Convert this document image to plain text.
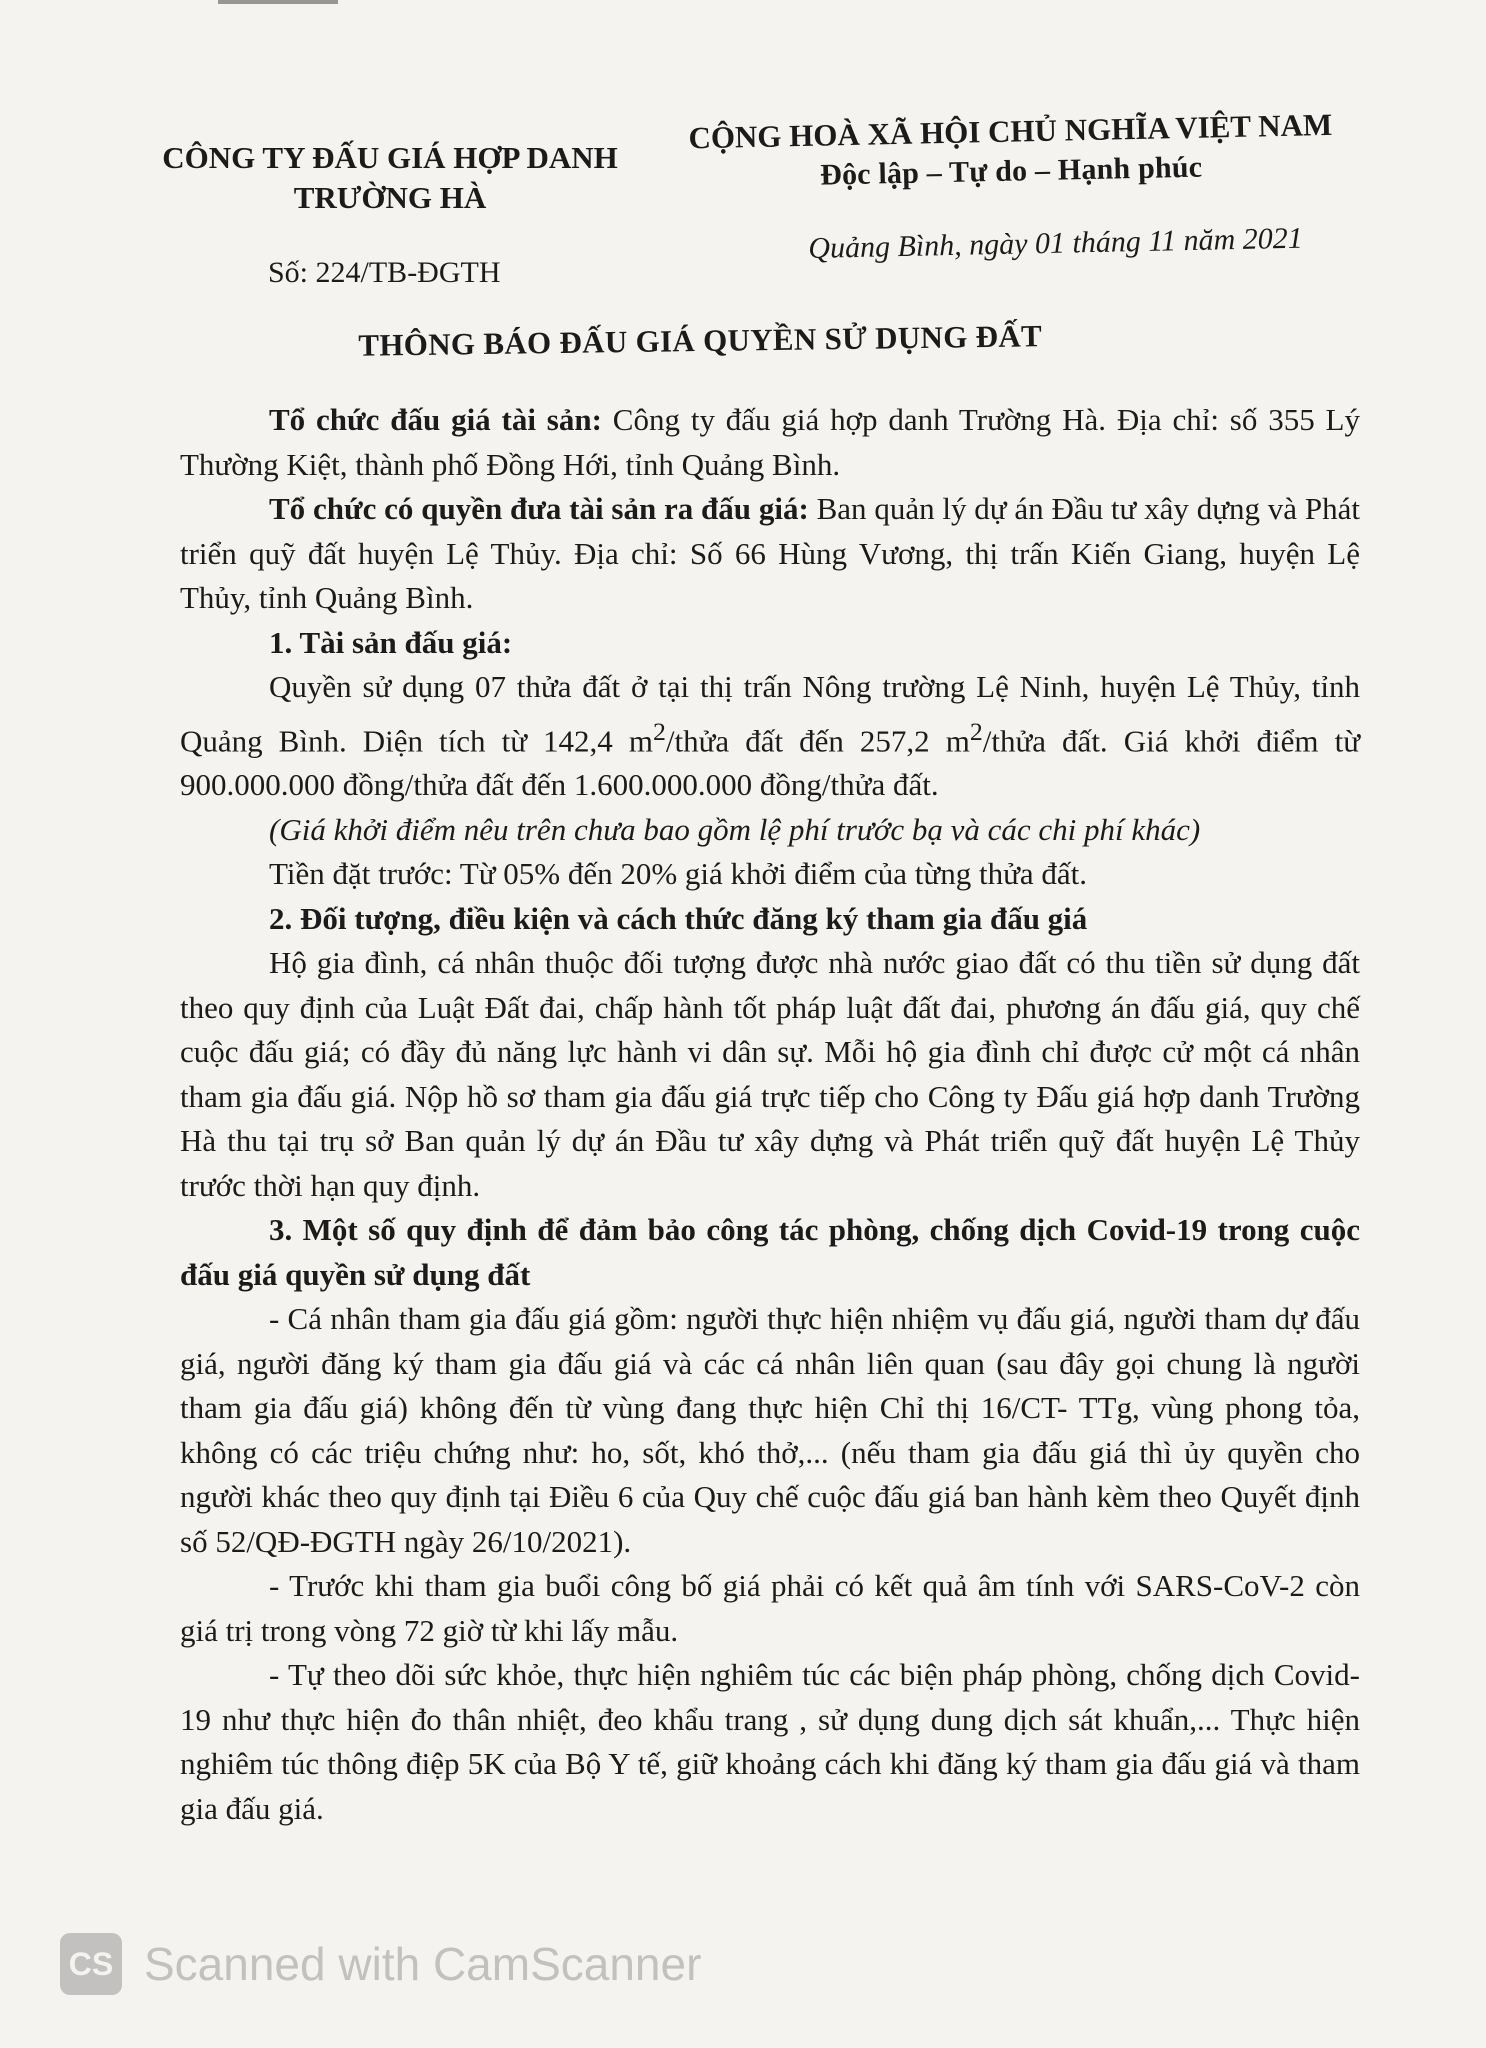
CÔNG TY ĐẤU GIÁ HỢP DANH
TRƯỜNG HÀ
CỘNG HOÀ XÃ HỘI CHỦ NGHĨA VIỆT NAM
Độc lập – Tự do – Hạnh phúc
Số: 224/TB-ĐGTH
Quảng Bình, ngày 01 tháng 11 năm 2021
THÔNG BÁO ĐẤU GIÁ QUYỀN SỬ DỤNG ĐẤT

Tổ chức đấu giá tài sản: Công ty đấu giá hợp danh Trường Hà. Địa chỉ: số 355 Lý Thường Kiệt, thành phố Đồng Hới, tỉnh Quảng Bình.

Tổ chức có quyền đưa tài sản ra đấu giá: Ban quản lý dự án Đầu tư xây dựng và Phát triển quỹ đất huyện Lệ Thủy. Địa chỉ: Số 66 Hùng Vương, thị trấn Kiến Giang, huyện Lệ Thủy, tỉnh Quảng Bình.

1. Tài sản đấu giá:

Quyền sử dụng 07 thửa đất ở tại thị trấn Nông trường Lệ Ninh, huyện Lệ Thủy, tỉnh Quảng Bình. Diện tích từ 142,4 $m^2$/thửa đất đến 257,2 $m^2$/thửa đất. Giá khởi điểm từ 900.000.000 đồng/thửa đất đến 1.600.000.000 đồng/thửa đất.

(Giá khởi điểm nêu trên chưa bao gồm lệ phí trước bạ và các chi phí khác)

Tiền đặt trước: Từ 05% đến 20% giá khởi điểm của từng thửa đất.

2. Đối tượng, điều kiện và cách thức đăng ký tham gia đấu giá

Hộ gia đình, cá nhân thuộc đối tượng được nhà nước giao đất có thu tiền sử dụng đất theo quy định của Luật Đất đai, chấp hành tốt pháp luật đất đai, phương án đấu giá, quy chế cuộc đấu giá; có đầy đủ năng lực hành vi dân sự. Mỗi hộ gia đình chỉ được cử một cá nhân tham gia đấu giá. Nộp hồ sơ tham gia đấu giá trực tiếp cho Công ty Đấu giá hợp danh Trường Hà thu tại trụ sở Ban quản lý dự án Đầu tư xây dựng và Phát triển quỹ đất huyện Lệ Thủy trước thời hạn quy định.

3. Một số quy định để đảm bảo công tác phòng, chống dịch Covid-19 trong cuộc đấu giá quyền sử dụng đất

- Cá nhân tham gia đấu giá gồm: người thực hiện nhiệm vụ đấu giá, người tham dự đấu giá, người đăng ký tham gia đấu giá và các cá nhân liên quan (sau đây gọi chung là người tham gia đấu giá) không đến từ vùng đang thực hiện Chỉ thị 16/CT- TTg, vùng phong tỏa, không có các triệu chứng như: ho, sốt, khó thở,... (nếu tham gia đấu giá thì ủy quyền cho người khác theo quy định tại Điều 6 của Quy chế cuộc đấu giá ban hành kèm theo Quyết định số 52/QĐ-ĐGTH ngày 26/10/2021).

- Trước khi tham gia buổi công bố giá phải có kết quả âm tính với SARS-CoV-2 còn giá trị trong vòng 72 giờ từ khi lấy mẫu.

- Tự theo dõi sức khỏe, thực hiện nghiêm túc các biện pháp phòng, chống dịch Covid-19 như thực hiện đo thân nhiệt, đeo khẩu trang , sử dụng dung dịch sát khuẩn,... Thực hiện nghiêm túc thông điệp 5K của Bộ Y tế, giữ khoảng cách khi đăng ký tham gia đấu giá và tham gia đấu giá.

CS Scanned with CamScanner
